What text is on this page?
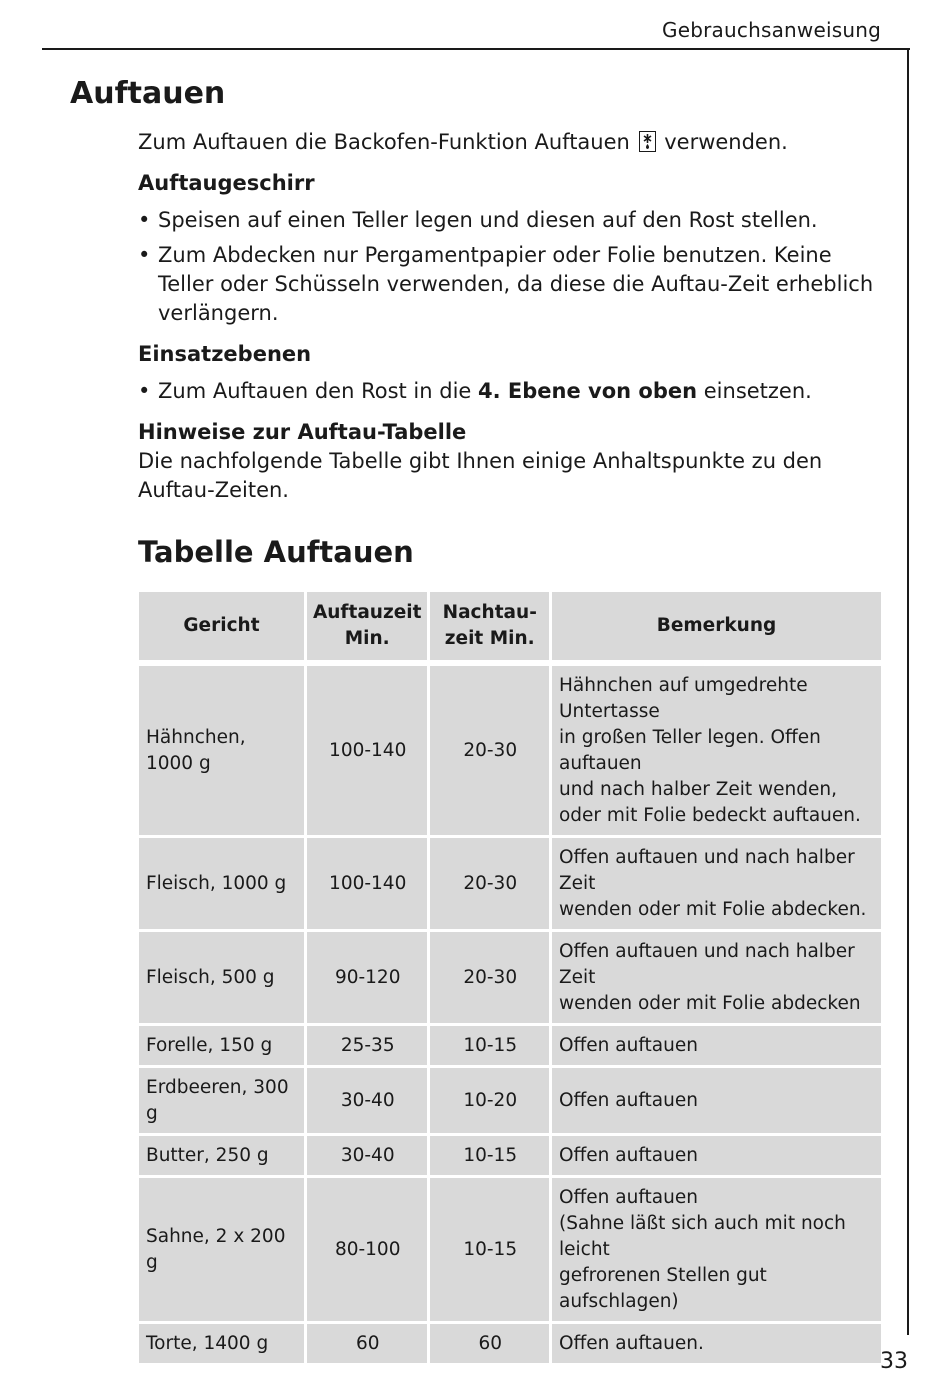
Gebrauchsanweisung
Auftauen

Zum Auftauen die Backofen-Funktion Auftauen verwenden.

Auftaugeschirr
• Speisen auf einen Teller legen und diesen auf den Rost stellen.
• Zum Abdecken nur Pergamentpapier oder Folie benutzen. Keine Teller oder Schüsseln verwenden, da diese die Auftau-Zeit erheblich verlängern.
Einsatzebenen
• Zum Auftauen den Rost in die 4. Ebene von oben einsetzen.
Hinweise zur Auftau-Tabelle

Die nachfolgende Tabelle gibt Ihnen einige Anhaltspunkte zu den Auftau-Zeiten.

Tabelle Auftauen
Gericht	Auftauzeit Min.	Nachtau-zeit Min.	Bemerkung

Hähnchen, 1000 g	100-140	20-30	Hähnchen auf umgedrehte Untertasse
in großen Teller legen. Offen auftauen
und nach halber Zeit wenden,
oder mit Folie bedeckt auftauen.
Fleisch, 1000 g	100-140	20-30	Offen auftauen und nach halber Zeit
wenden oder mit Folie abdecken.
Fleisch, 500 g	90-120	20-30	Offen auftauen und nach halber Zeit
wenden oder mit Folie abdecken
Forelle, 150 g	25-35	10-15	Offen auftauen
Erdbeeren, 300 g	30-40	10-20	Offen auftauen
Butter, 250 g	30-40	10-15	Offen auftauen
Sahne, 2 x 200 g	80-100	10-15	Offen auftauen
(Sahne läßt sich auch mit noch leicht
gefrorenen Stellen gut aufschlagen)
Torte, 1400 g	60	60	Offen auftauen.
33
